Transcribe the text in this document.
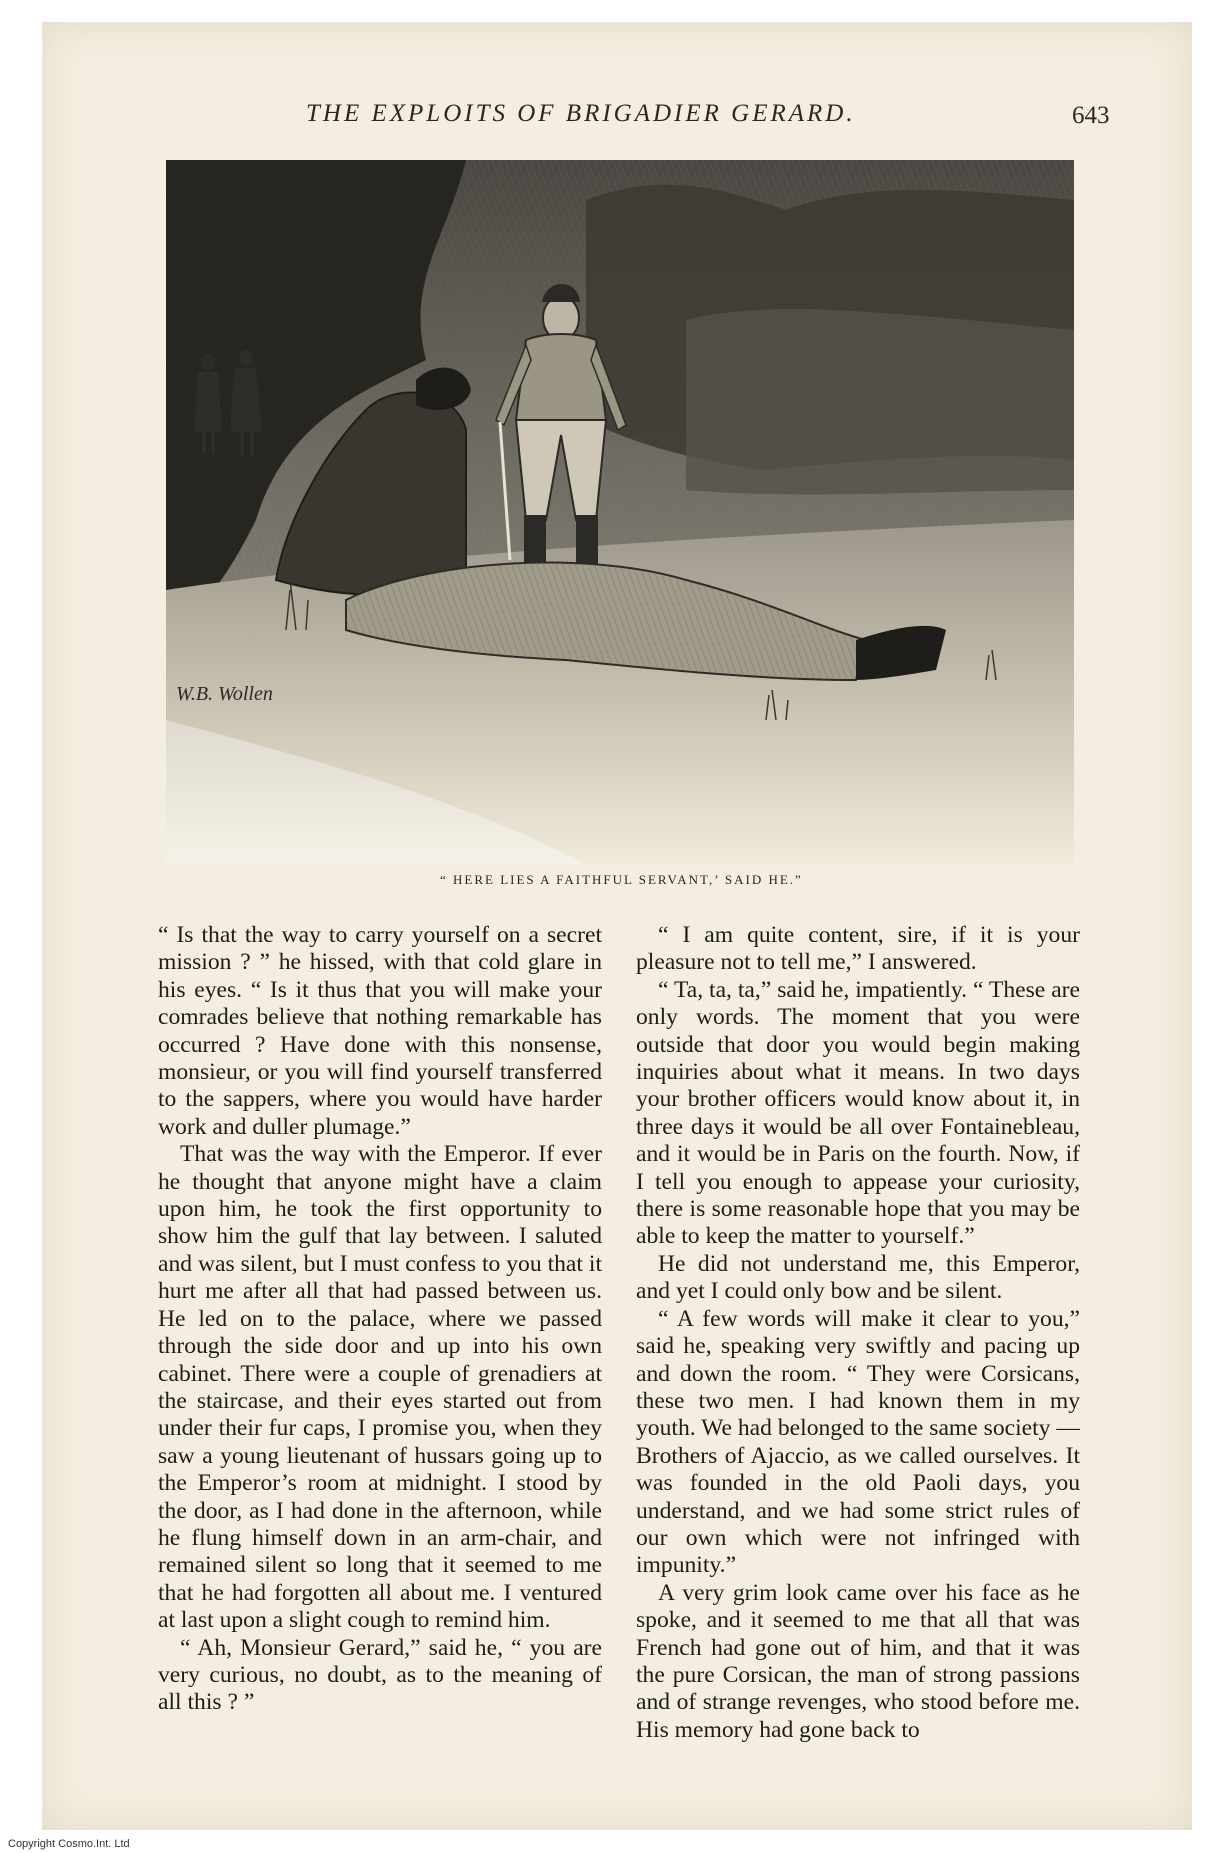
THE EXPLOITS OF BRIGADIER GERARD.	643
W.B. Wollen
“ HERE LIES A FAITHFUL SERVANT,’ SAID HE.”

“ Is that the way to carry yourself on a secret mission ? ” he hissed, with that cold glare in his eyes. “ Is it thus that you will make your comrades believe that nothing remarkable has occurred ? Have done with this nonsense, monsieur, or you will find yourself transferred to the sappers, where you would have harder work and duller plumage.”

That was the way with the Emperor. If ever he thought that anyone might have a claim upon him, he took the first opportunity to show him the gulf that lay between. I saluted and was silent, but I must confess to you that it hurt me after all that had passed between us. He led on to the palace, where we passed through the side door and up into his own cabinet. There were a couple of grenadiers at the staircase, and their eyes started out from under their fur caps, I promise you, when they saw a young lieutenant of hussars going up to the Emperor’s room at midnight. I stood by the door, as I had done in the afternoon, while he flung himself down in an arm-chair, and remained silent so long that it seemed to me that he had forgotten all about me. I ventured at last upon a slight cough to remind him.

“ Ah, Monsieur Gerard,” said he, “ you are very curious, no doubt, as to the meaning of all this ? ”

“ I am quite content, sire, if it is your pleasure not to tell me,” I answered.

“ Ta, ta, ta,” said he, impatiently. “ These are only words. The moment that you were outside that door you would begin making inquiries about what it means. In two days your brother officers would know about it, in three days it would be all over Fontainebleau, and it would be in Paris on the fourth. Now, if I tell you enough to appease your curiosity, there is some reasonable hope that you may be able to keep the matter to yourself.”

He did not understand me, this Emperor, and yet I could only bow and be silent.

“ A few words will make it clear to you,” said he, speaking very swiftly and pacing up and down the room. “ They were Corsicans, these two men. I had known them in my youth. We had belonged to the same society —Brothers of Ajaccio, as we called ourselves. It was founded in the old Paoli days, you understand, and we had some strict rules of our own which were not infringed with impunity.”

A very grim look came over his face as he spoke, and it seemed to me that all that was French had gone out of him, and that it was the pure Corsican, the man of strong passions and of strange revenges, who stood before me. His memory had gone back to

Copyright Cosmo.Int. Ltd
